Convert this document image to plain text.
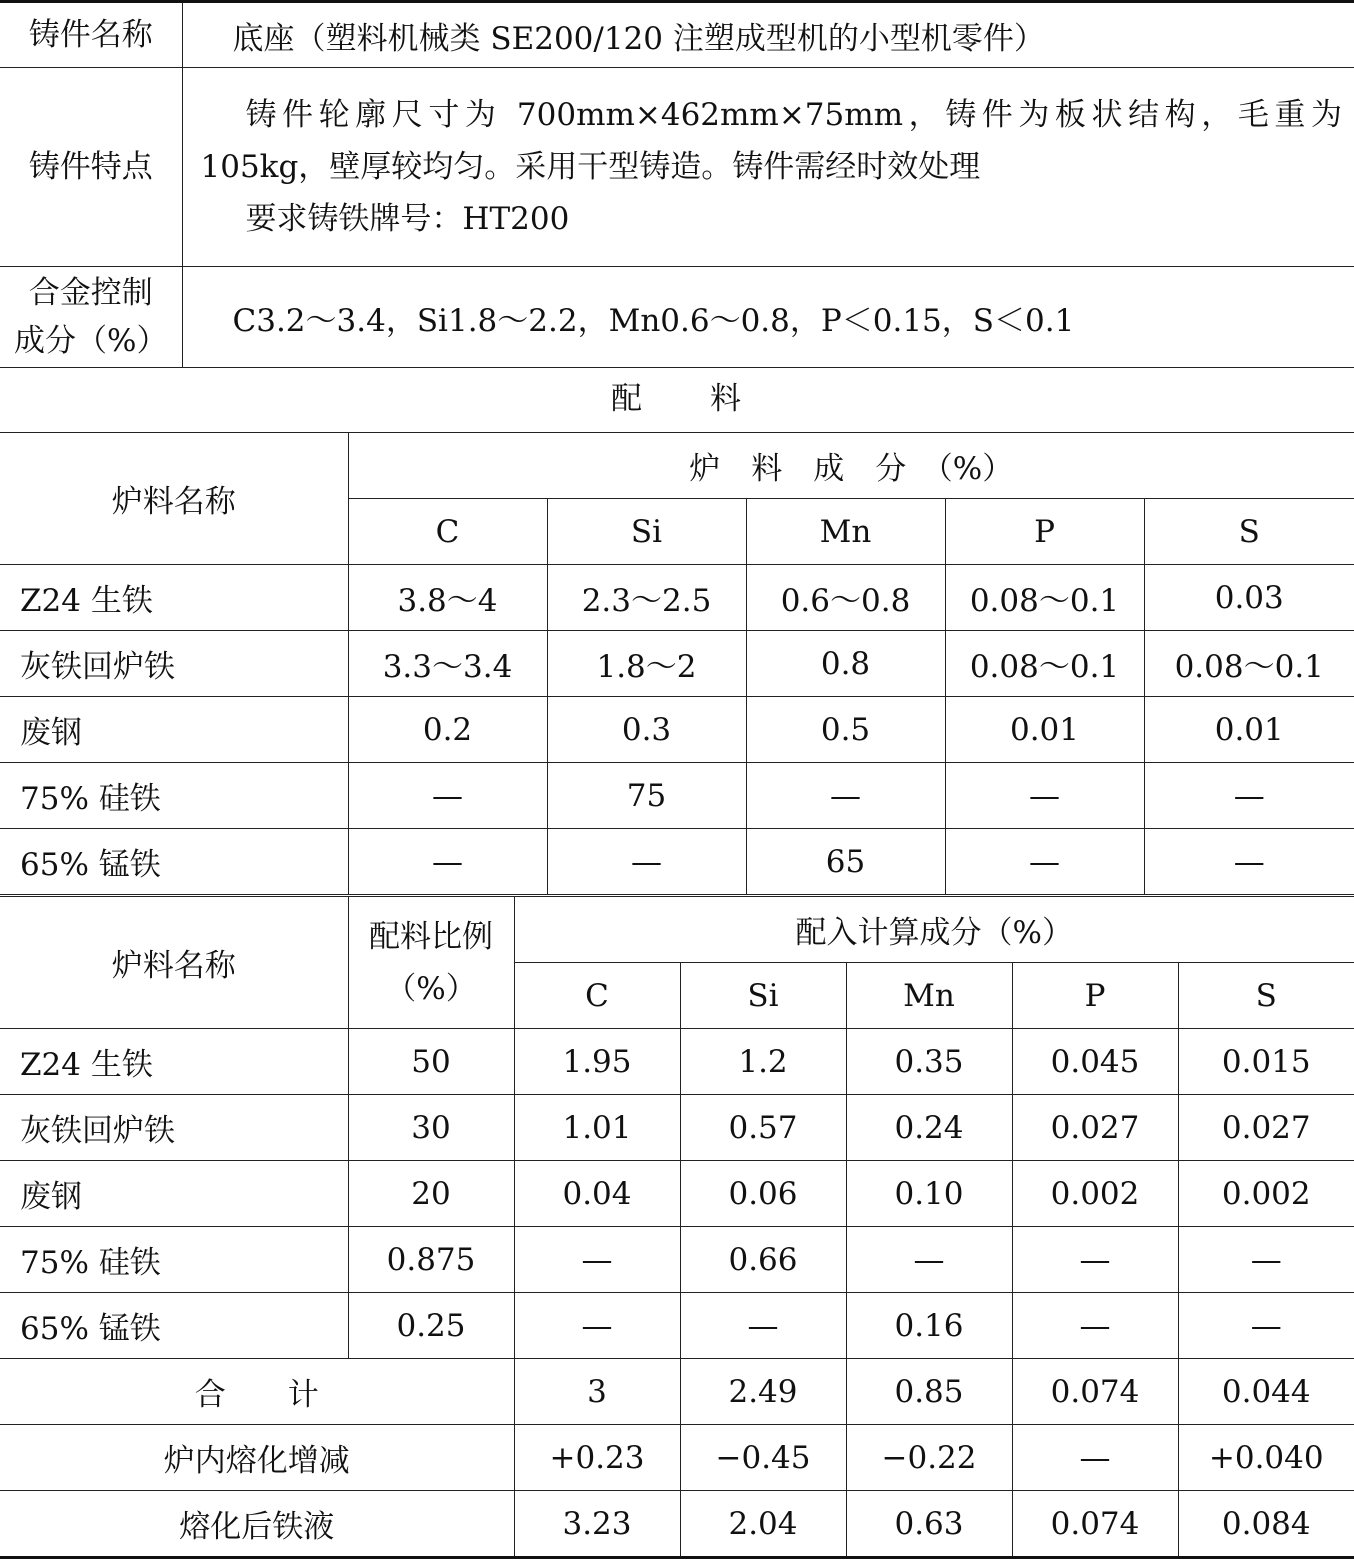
铸件名称	底座（塑料机械类 SE200/120 注塑成型机的小型机零件）
铸件特点	铸件轮廓尺寸为 700mm×462mm×75mm，铸件为板状结构，毛重为 105kg，壁厚较均匀。采用干型铸造。铸件需经时效处理
要求铸铁牌号：HT200

合金控制成分（%）	C3.2～3.4，Si1.8～2.2，Mn0.6～0.8，P＜0.15，S＜0.1
配　　料
炉料名称	炉　料　成　分　（%）				
	C	Si	Mn	P	S
Z24 生铁	3.8～4	2.3～2.5	0.6～0.8	0.08～0.1	0.03
灰铁回炉铁	3.3～3.4	1.8～2	0.8	0.08～0.1	0.08～0.1
废钢	0.2	0.3	0.5	0.01	0.01
75% 硅铁	—	75	—	—	—
65% 锰铁	—	—	65	—	—
炉料名称	配料比例（%）	配入计算成分（%）				
		C	Si	Mn	P	S
Z24 生铁	50	1.95	1.2	0.35	0.045	0.015
灰铁回炉铁	30	1.01	0.57	0.24	0.027	0.027
废钢	20	0.04	0.06	0.10	0.002	0.002
75% 硅铁	0.875	—	0.66	—	—	—
65% 锰铁	0.25	—	—	0.16	—	—
合　　计		3	2.49	0.85	0.074	0.044
炉内熔化增减		+0.23	−0.45	−0.22	—	+0.040
熔化后铁液		3.23	2.04	0.63	0.074	0.084
